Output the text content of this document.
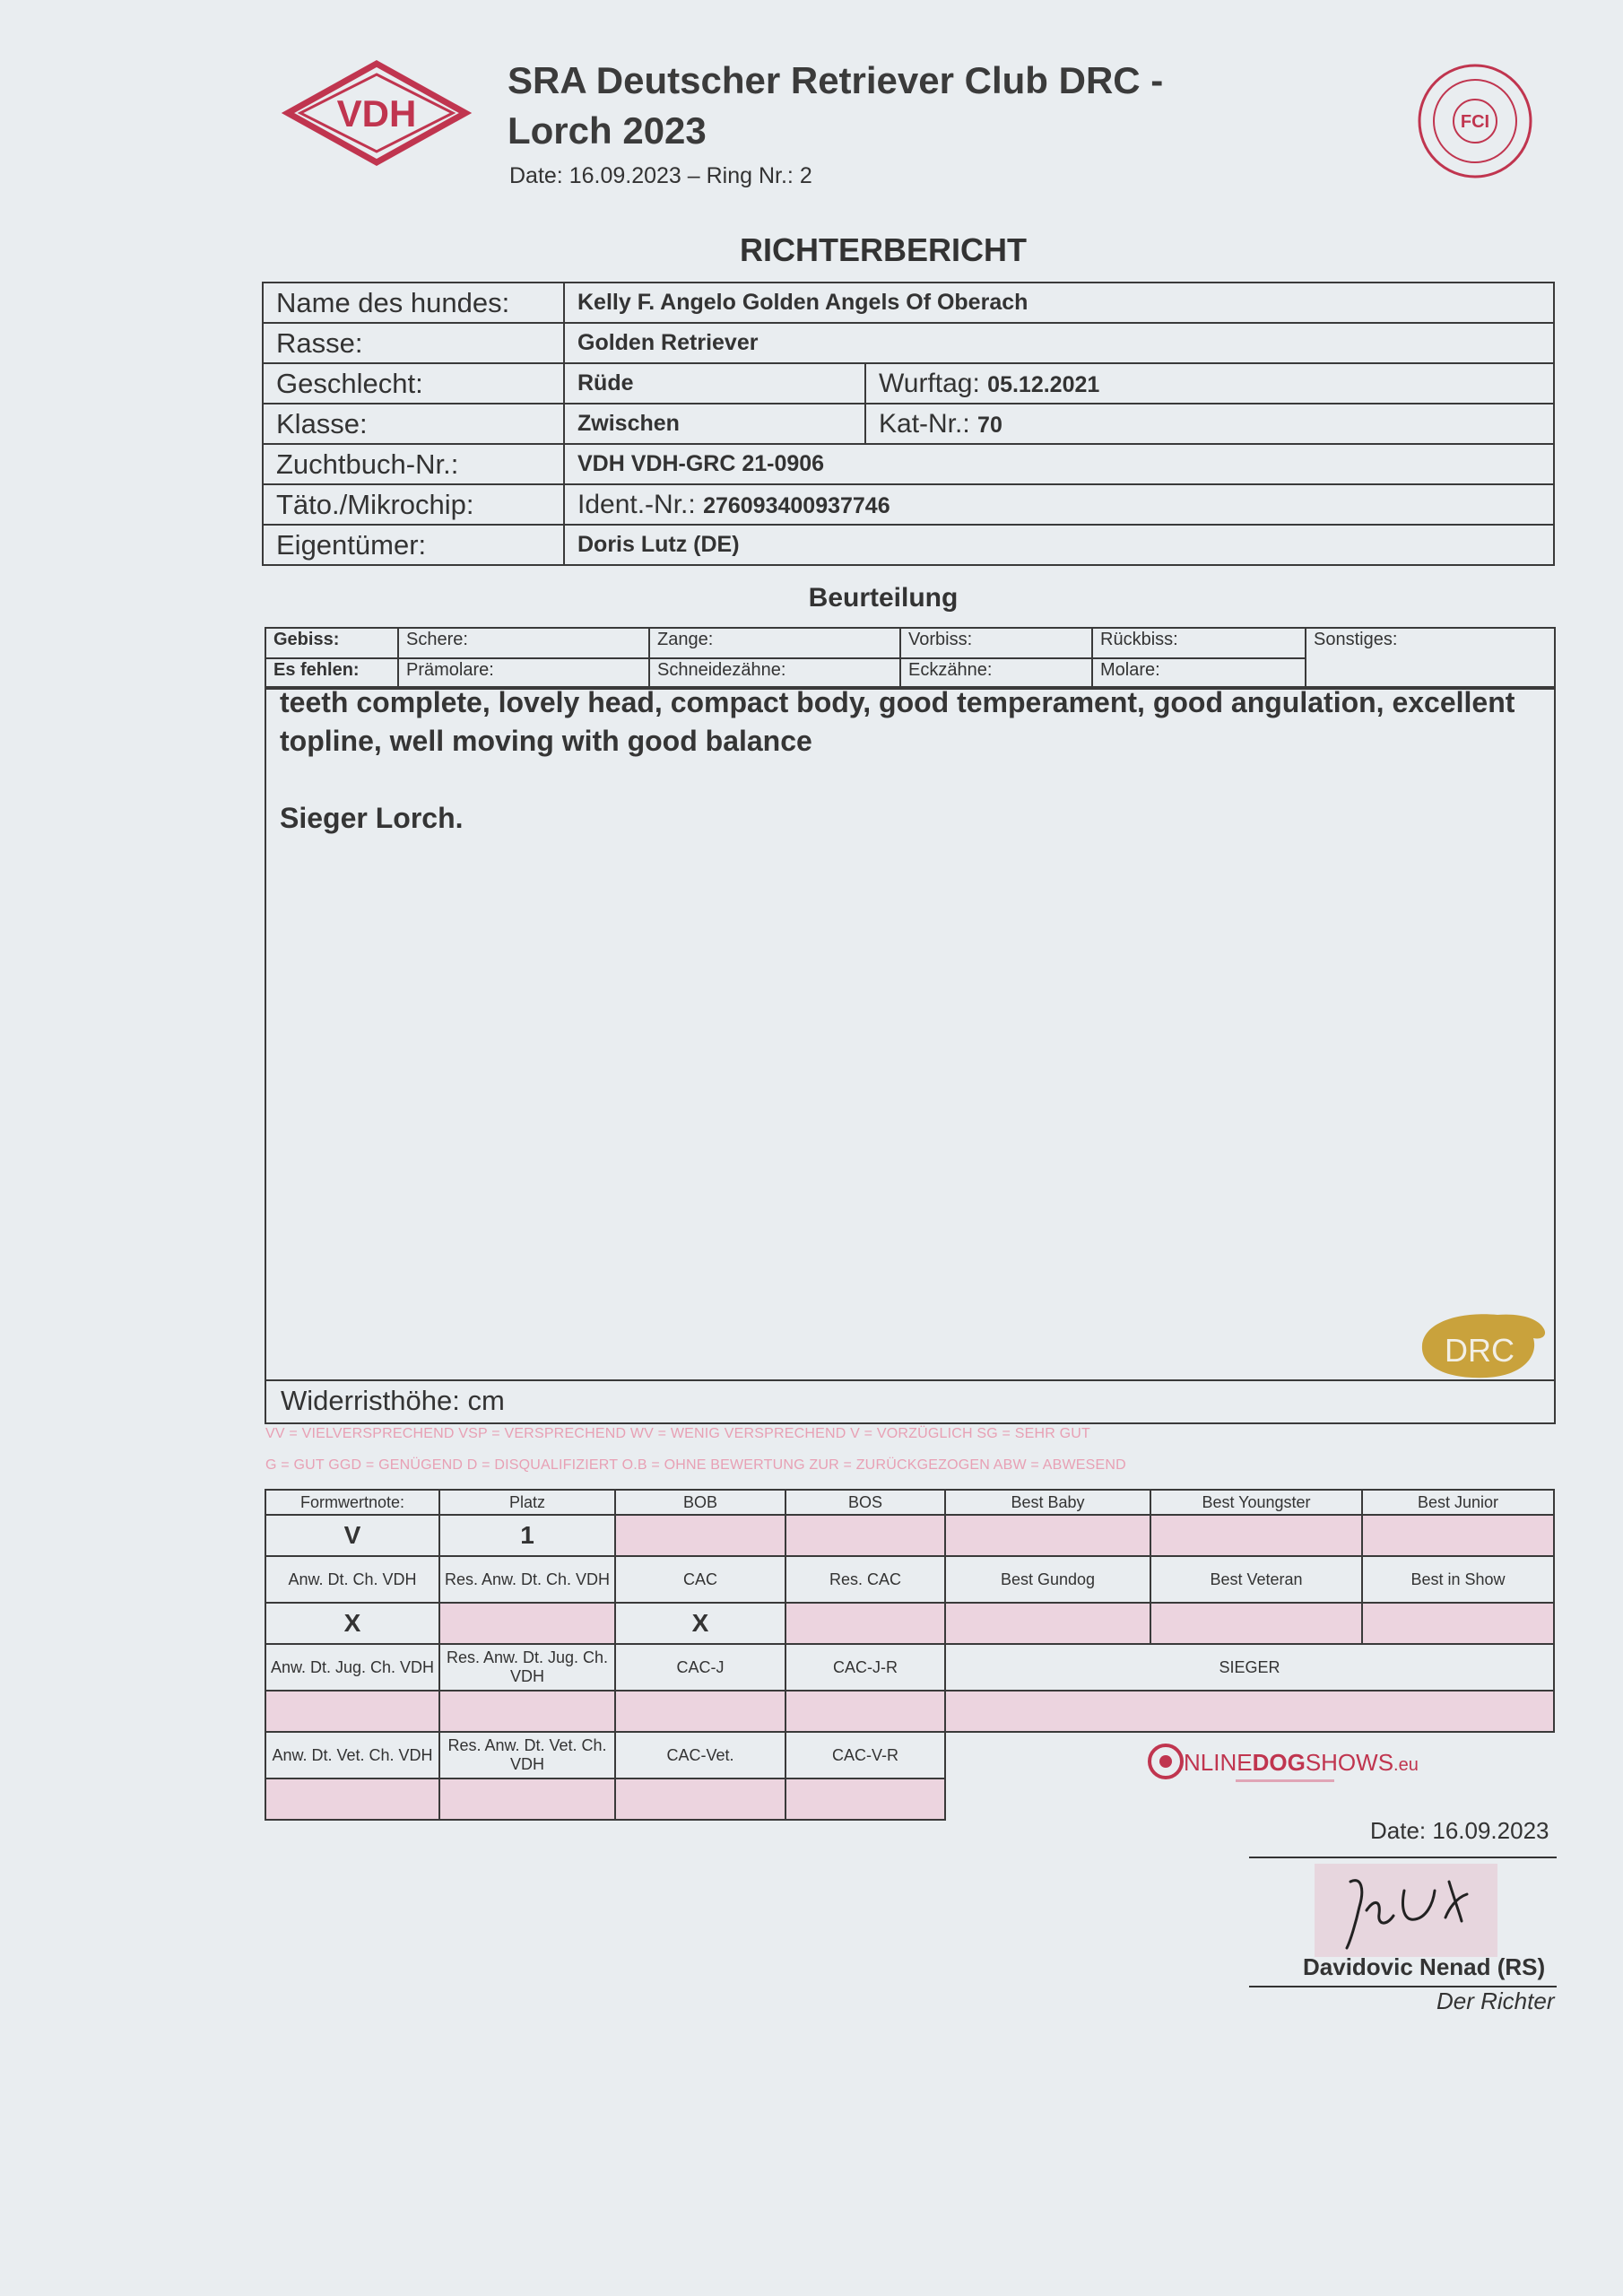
VDH
SRA Deutscher Retriever Club DRC -
Lorch 2023
Date: 16.09.2023 – Ring Nr.: 2
FCI
RICHTERBERICHT
Name des hundes:	Kelly F. Angelo Golden Angels Of Oberach	
Rasse:	Golden Retriever	
Geschlecht:	Rüde	Wurftag: 05.12.2021
Klasse:	Zwischen	Kat-Nr.: 70
Zuchtbuch-Nr.:	VDH VDH-GRC 21-0906	
Täto./Mikrochip:	Ident.-Nr.: 276093400937746	
Eigentümer:	Doris Lutz (DE)	
Beurteilung
Gebiss:	Schere:	Zange:	Vorbiss:	Rückbiss:	Sonstiges:
Es fehlen:	Prämolare:	Schneidezähne:	Eckzähne:	Molare:	

teeth complete, lovely head, compact body, good temperament, good angulation, excellent

topline, well moving with good balance

Sieger Lorch.

DRC
Widerristhöhe: cm
VV = VIELVERSPRECHEND VSP = VERSPRECHEND WV = WENIG VERSPRECHEND V = VORZÜGLICH SG = SEHR GUT
G = GUT GGD = GENÜGEND D = DISQUALIFIZIERT O.B = OHNE BEWERTUNG ZUR = ZURÜCKGEZOGEN ABW = ABWESEND
Formwertnote:	Platz	BOB	BOS	Best Baby	Best Youngster	Best Junior
V	1					
Anw. Dt. Ch. VDH	Res. Anw. Dt. Ch. VDH	CAC	Res. CAC	Best Gundog	Best Veteran	Best in Show
X		X				
Anw. Dt. Jug. Ch. VDH	Res. Anw. Dt. Jug. Ch. VDH	CAC-J	CAC-J-R	SIEGER		

Anw. Dt. Vet. Ch. VDH	Res. Anw. Dt. Vet. Ch. VDH	CAC-Vet.	CAC-V-R			
					NLINEDOGSHOWS.eu
Date: 16.09.2023
Davidovic Nenad (RS)
Der Richter
